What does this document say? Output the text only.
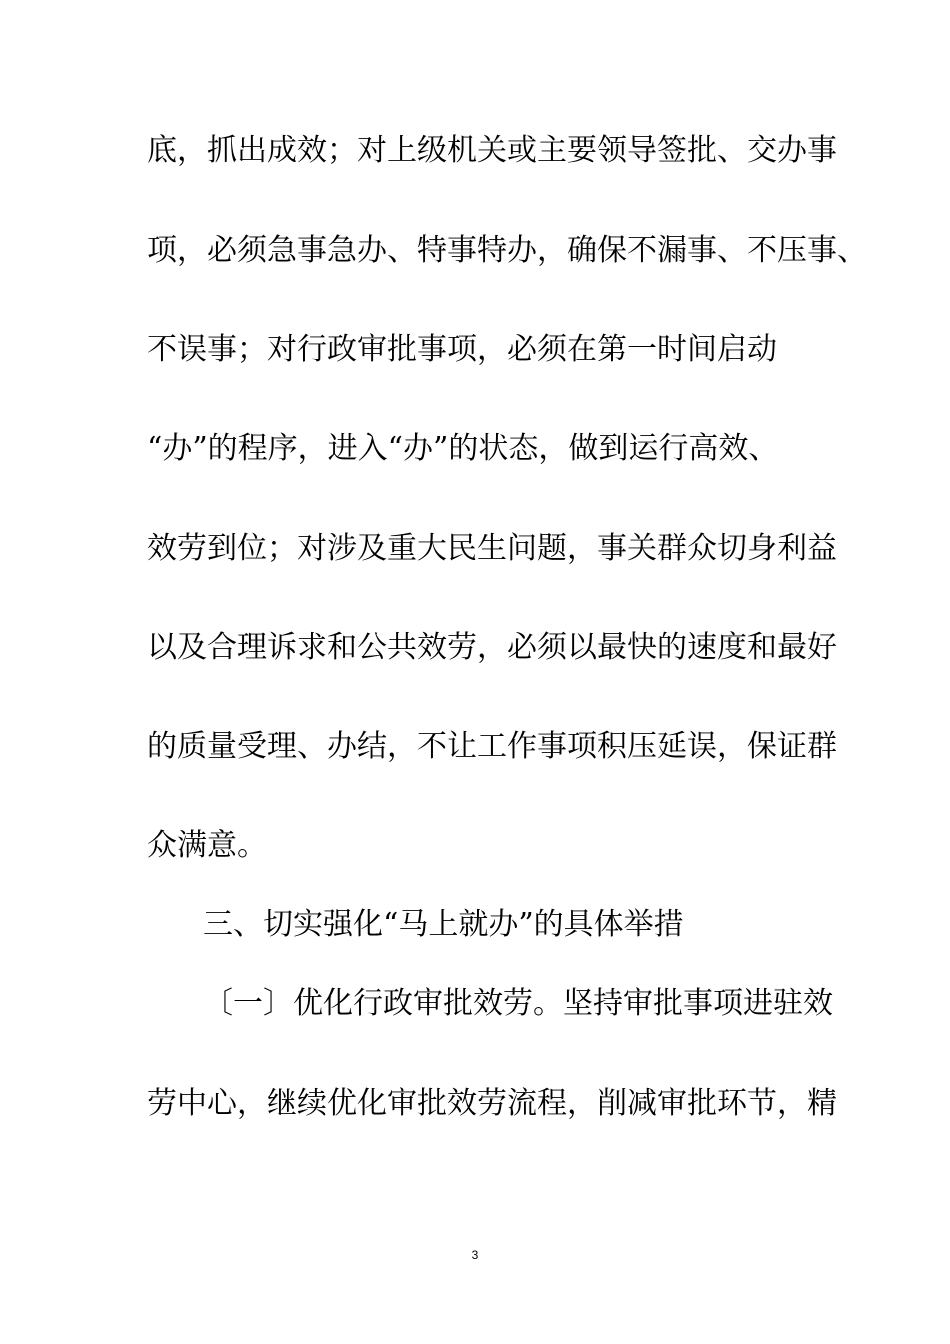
底，抓出成效；对上级机关或主要领导签批、交办事
项，必须急事急办、特事特办，确保不漏事、不压事、
不误事；对行政审批事项，必须在第一时间启动
“办”的程序，进入“办”的状态，做到运行高效、
效劳到位；对涉及重大民生问题，事关群众切身利益
以及合理诉求和公共效劳，必须以最快的速度和最好
的质量受理、办结，不让工作事项积压延误，保证群
众满意。
三、切实强化“马上就办”的具体举措
〔一〕优化行政审批效劳。坚持审批事项进驻效
劳中心，继续优化审批效劳流程，削减审批环节，精
3
